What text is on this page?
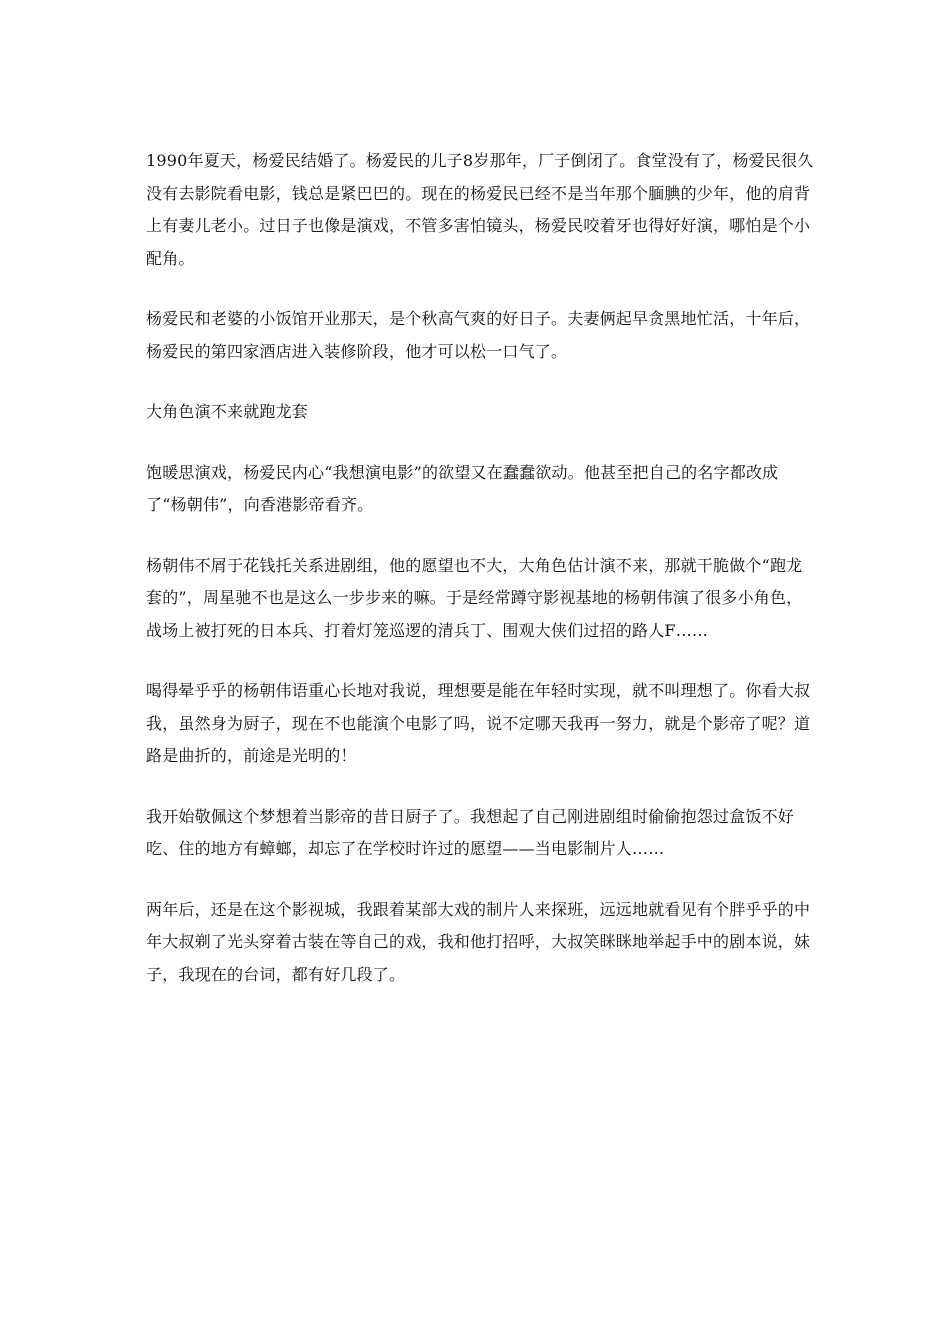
1990年夏天，杨爱民结婚了。杨爱民的儿子8岁那年，厂子倒闭了。食堂没有了，杨爱民很久没有去影院看电影，钱总是紧巴巴的。现在的杨爱民已经不是当年那个腼腆的少年，他的肩背上有妻儿老小。过日子也像是演戏，不管多害怕镜头，杨爱民咬着牙也得好好演，哪怕是个小配角。

杨爱民和老婆的小饭馆开业那天，是个秋高气爽的好日子。夫妻俩起早贪黑地忙活，十年后，杨爱民的第四家酒店进入装修阶段，他才可以松一口气了。

大角色演不来就跑龙套

饱暖思演戏，杨爱民内心“我想演电影”的欲望又在蠢蠢欲动。他甚至把自己的名字都改成了“杨朝伟”，向香港影帝看齐。

杨朝伟不屑于花钱托关系进剧组，他的愿望也不大，大角色估计演不来，那就干脆做个“跑龙套的”，周星驰不也是这么一步步来的嘛。于是经常蹲守影视基地的杨朝伟演了很多小角色，战场上被打死的日本兵、打着灯笼巡逻的清兵丁、围观大侠们过招的路人F……

喝得晕乎乎的杨朝伟语重心长地对我说，理想要是能在年轻时实现，就不叫理想了。你看大叔我，虽然身为厨子，现在不也能演个电影了吗，说不定哪天我再一努力，就是个影帝了呢？道路是曲折的，前途是光明的！

我开始敬佩这个梦想着当影帝的昔日厨子了。我想起了自己刚进剧组时偷偷抱怨过盒饭不好吃、住的地方有蟑螂，却忘了在学校时许过的愿望——当电影制片人……

两年后，还是在这个影视城，我跟着某部大戏的制片人来探班，远远地就看见有个胖乎乎的中年大叔剃了光头穿着古装在等自己的戏，我和他打招呼，大叔笑眯眯地举起手中的剧本说，妹子，我现在的台词，都有好几段了。
